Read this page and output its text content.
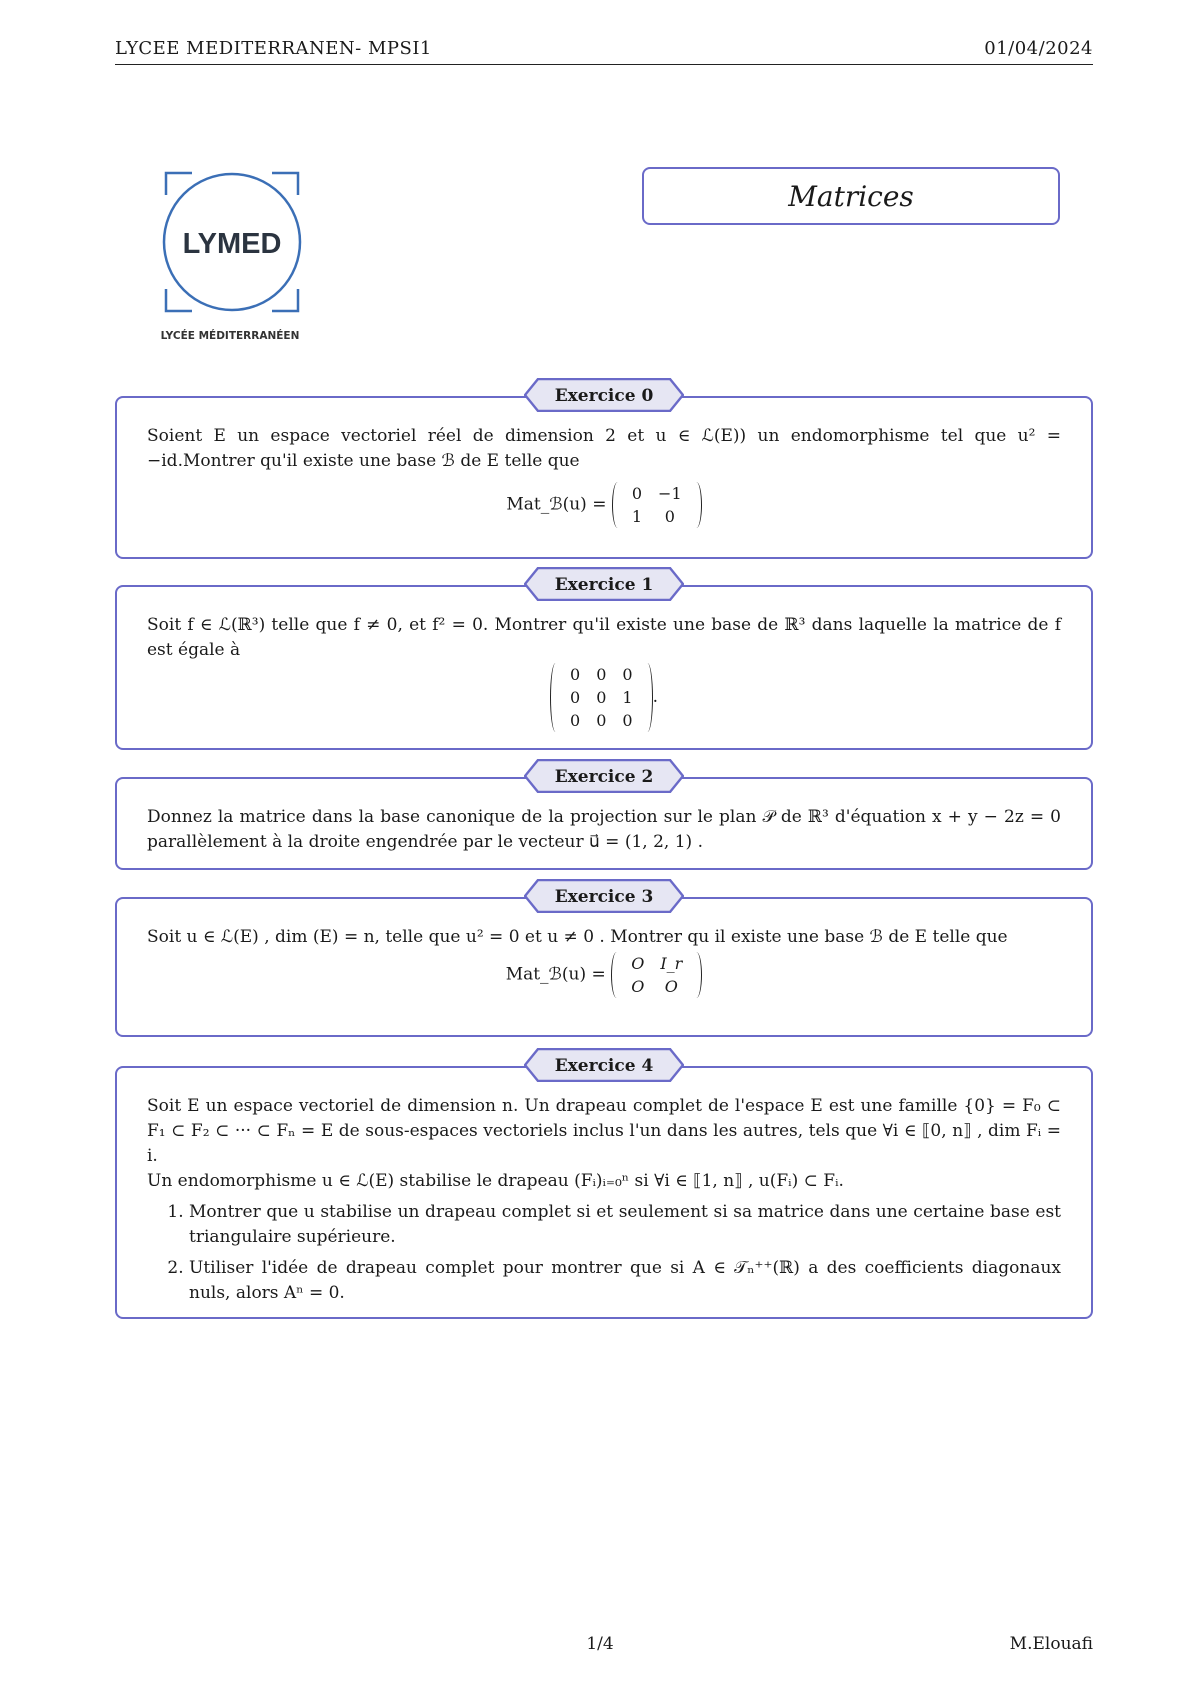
LYCEE MEDITERRANEN- MPSI1	01/04/2024
LYMED
LYCÉE MÉDITERRANÉEN
Matrices
Exercice 0
Soient E un espace vectoriel réel de dimension 2 et u ∈ ℒ(E)) un endomorphisme tel que u² = −id.Montrer qu'il existe une base ℬ de E telle que
Mat_ℬ(u) =
0	−1
1	0
Exercice 1
Soit f ∈ ℒ(ℝ³) telle que f ≠ 0, et f² = 0. Montrer qu'il existe une base de ℝ³ dans laquelle la matrice de f est égale à
0	0	0
0	0	1
0	0	0
.
Exercice 2
Donnez la matrice dans la base canonique de la projection sur le plan 𝒫 de ℝ³ d'équation x + y − 2z = 0 parallèlement à la droite engendrée par le vecteur u⃗ = (1, 2, 1) .
Exercice 3
Soit u ∈ ℒ(E) , dim (E) = n, telle que u² = 0 et u ≠ 0 . Montrer qu il existe une base ℬ de E telle que
Mat_ℬ(u) =
O	I_r
O	O
Exercice 4
Soit E un espace vectoriel de dimension n. Un drapeau complet de l'espace E est une famille {0} = F₀ ⊂ F₁ ⊂ F₂ ⊂ ··· ⊂ Fₙ = E de sous-espaces vectoriels inclus l'un dans les autres, tels que ∀i ∈ ⟦0, n⟧ , dim Fᵢ = i.
Un endomorphisme u ∈ ℒ(E) stabilise le drapeau (Fᵢ)ᵢ₌₀ⁿ si ∀i ∈ ⟦1, n⟧ , u(Fᵢ) ⊂ Fᵢ.
1. Montrer que u stabilise un drapeau complet si et seulement si sa matrice dans une certaine base est triangulaire supérieure.
2. Utiliser l'idée de drapeau complet pour montrer que si A ∈ 𝒯ₙ⁺⁺(ℝ) a des coefficients diagonaux nuls, alors Aⁿ = 0.
1/4	M.Elouafi
